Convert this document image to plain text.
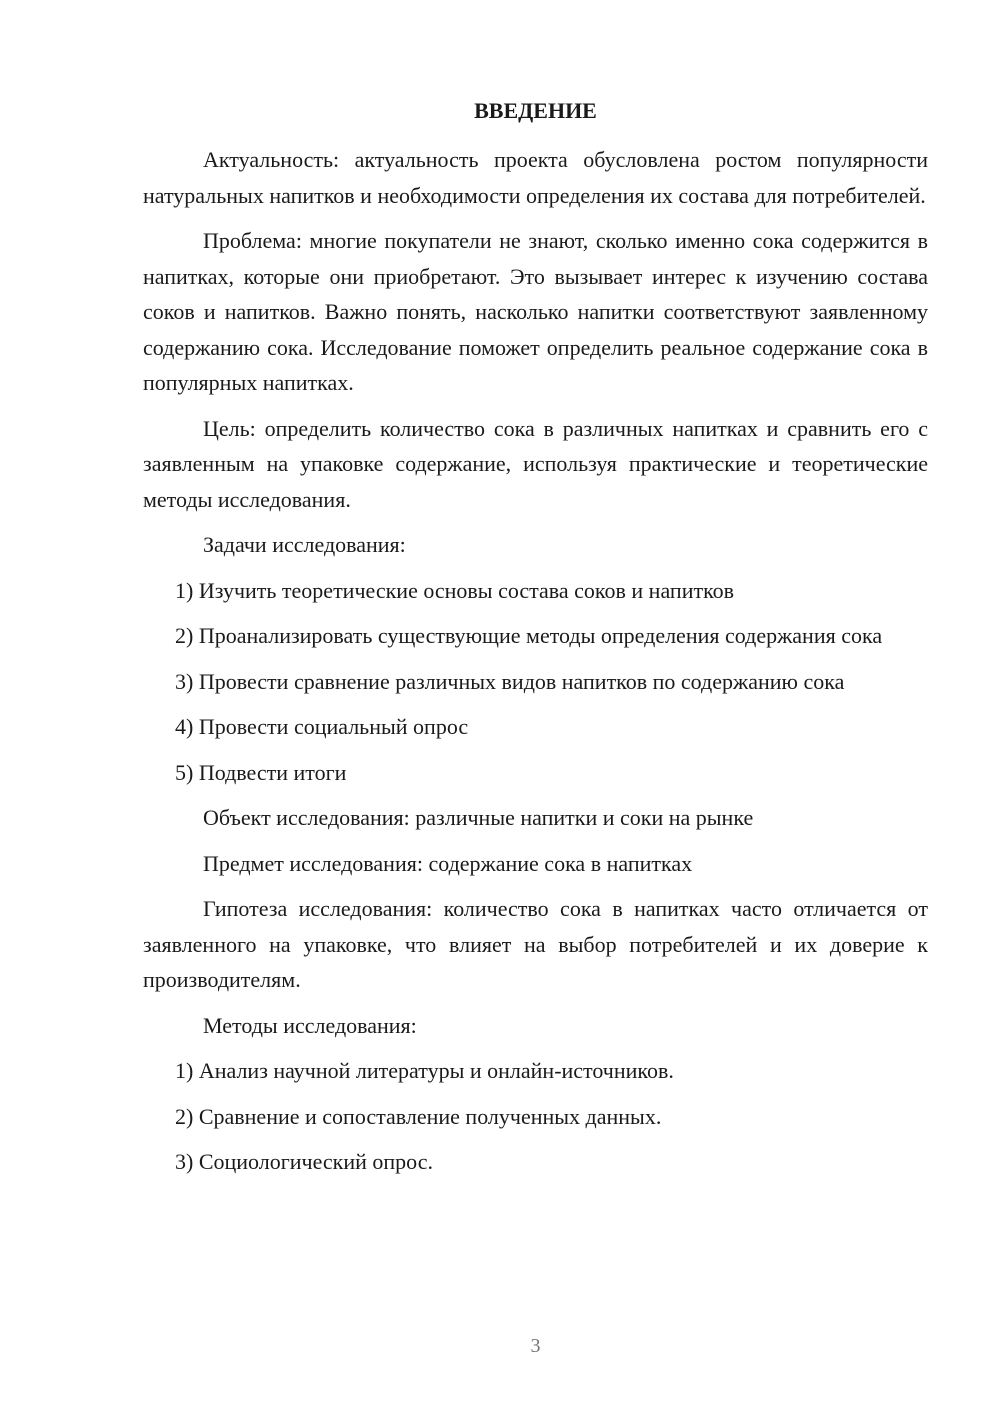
ВВЕДЕНИЕ

Актуальность: актуальность проекта обусловлена ростом популярности натуральных напитков и необходимости определения их состава для потребителей.

Проблема: многие покупатели не знают, сколько именно сока содержится в напитках, которые они приобретают. Это вызывает интерес к изучению состава соков и напитков. Важно понять, насколько напитки соответствуют заявленному содержанию сока. Исследование поможет определить реальное содержание сока в популярных напитках.

Цель: определить количество сока в различных напитках и сравнить его с заявленным на упаковке содержание, используя практические и теоретические методы исследования.

Задачи исследования:

1) Изучить теоретические основы состава соков и напитков

2) Проанализировать существующие методы определения содержания сока

3) Провести сравнение различных видов напитков по содержанию сока

4) Провести социальный опрос

5) Подвести итоги

Объект исследования: различные напитки и соки на рынке

Предмет исследования: содержание сока в напитках

Гипотеза исследования: количество сока в напитках часто отличается от заявленного на упаковке, что влияет на выбор потребителей и их доверие к производителям.

Методы исследования:

1) Анализ научной литературы и онлайн-источников.

2) Сравнение и сопоставление полученных данных.

3) Социологический опрос.

3
